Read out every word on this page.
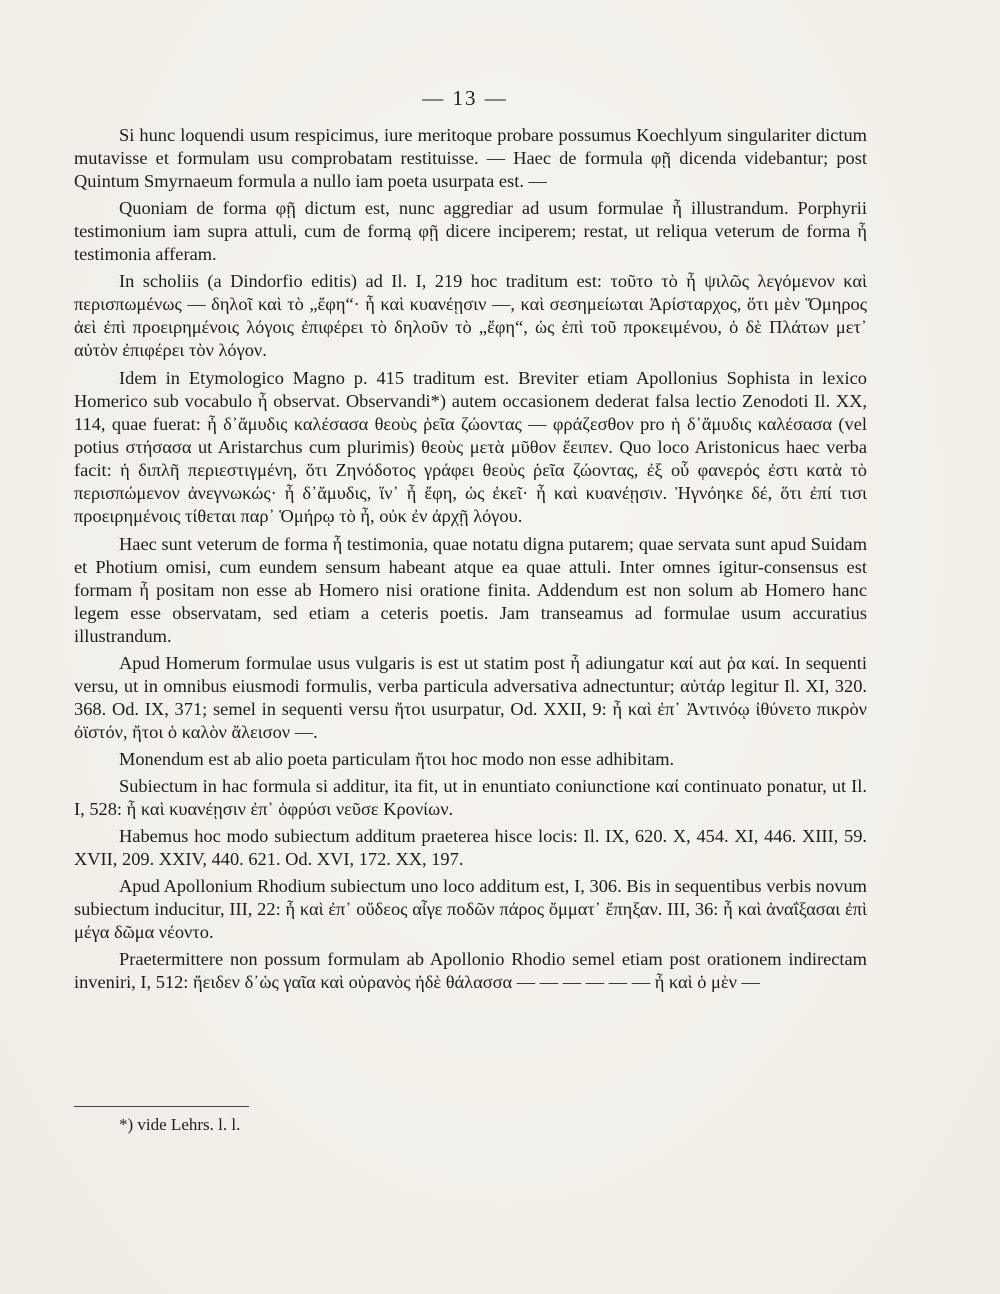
— 13 —

Si hunc loquendi usum respicimus, iure meritoque probare possumus Koechlyum singulariter dictum mutavisse et formulam usu comprobatam restituisse. — Haec de formula φῇ dicenda videbantur; post Quintum Smyrnaeum formula a nullo iam poeta usurpata est. —

Quoniam de forma φῇ dictum est, nunc aggrediar ad usum formulae ἦ illustrandum. Porphyrii testimonium iam supra attuli, cum de formą φῇ dicere inciperem; restat, ut reliqua veterum de forma ἦ testimonia afferam.

In scholiis (a Dindorfio editis) ad Il. I, 219 hoc traditum est: τοῦτο τὸ ἦ ψιλῶς λεγόμενον καὶ περισπωμένως — δηλοῖ καὶ τὸ „ἔφη“· ἦ καὶ κυανέῃσιν —, καὶ σεσημείωται Ἀρίσταρχος, ὅτι μὲν Ὅμηρος ἀεὶ ἐπὶ προειρημένοις λόγοις ἐπιφέρει τὸ δηλοῦν τὸ „ἔφη“, ὡς ἐπὶ τοῦ προκειμένου, ὁ δὲ Πλάτων μετ᾽ αὐτὸν ἐπιφέρει τὸν λόγον.

Idem in Etymologico Magno p. 415 traditum est. Breviter etiam Apollonius Sophista in lexico Homerico sub vocabulo ἦ observat. Observandi*) autem occasionem dederat falsa lectio Zenodoti Il. XX, 114, quae fuerat: ἦ δ᾽ἄμυδις καλέσασα θεοὺς ῥεῖα ζώοντας — φράζεσθον pro ἡ δ᾽ἄμυδις καλέσασα (vel potius στήσασα ut Aristarchus cum plurimis) θεοὺς μετὰ μῦθον ἔειπεν. Quo loco Aristonicus haec verba facit: ἡ διπλῆ περιεστιγμένη, ὅτι Ζηνόδοτος γράφει θεοὺς ῥεῖα ζώοντας, ἐξ οὗ φανερός ἐστι κατὰ τὸ περισπώμενον ἀνεγνωκώς· ἦ δ᾽ἄμυδις, ἵν᾽ ἦ ἔφη, ὡς ἐκεῖ· ἦ καὶ κυανέῃσιν. Ἠγνόηκε δέ, ὅτι ἐπί τισι προειρημένοις τίθεται παρ᾽ Ὁμήρῳ τὸ ἦ, οὐκ ἐν ἀρχῇ λόγου.

Haec sunt veterum de forma ἦ testimonia, quae notatu digna putarem; quae servata sunt apud Suidam et Photium omisi, cum eundem sensum habeant atque ea quae attuli. Inter omnes igitur-consensus est formam ἦ positam non esse ab Homero nisi oratione finita. Addendum est non solum ab Homero hanc legem esse observatam, sed etiam a ceteris poetis. Jam transeamus ad formulae usum accuratius illustrandum.

Apud Homerum formulae usus vulgaris is est ut statim post ἦ adiungatur καί aut ῥα καί. In sequenti versu, ut in omnibus eiusmodi formulis, verba particula adversativa adnectuntur; αὐτάρ legitur Il. XI, 320. 368. Od. IX, 371; semel in sequenti versu ἤτοι usurpatur, Od. XXII, 9: ἦ καὶ ἐπ᾽ Ἀντινόῳ ἰθύνετο πικρὸν ὀϊστόν, ἤτοι ὁ καλὸν ἄλεισον —.

Monendum est ab alio poeta particulam ἤτοι hoc modo non esse adhibitam.

Subiectum in hac formula si additur, ita fit, ut in enuntiato coniunctione καί continuato ponatur, ut Il. I, 528: ἦ καὶ κυανέῃσιν ἐπ᾽ ὀφρύσι νεῦσε Κρονίων.

Habemus hoc modo subiectum additum praeterea hisce locis: Il. IX, 620. X, 454. XI, 446. XIII, 59. XVII, 209. XXIV, 440. 621. Od. XVI, 172. XX, 197.

Apud Apollonium Rhodium subiectum uno loco additum est, I, 306. Bis in sequentibus verbis novum subiectum inducitur, III, 22: ἦ καὶ ἐπ᾽ οὔδεος αἶγε ποδῶν πάρος ὄμματ᾽ ἔπηξαν. III, 36: ἦ καὶ ἀναΐξασαι ἐπὶ μέγα δῶμα νέοντο.

Praetermittere non possum formulam ab Apollonio Rhodio semel etiam post orationem indirectam inveniri, I, 512: ἤειδεν δ᾽ὡς γαῖα καὶ οὐρανὸς ἠδὲ θάλασσα — — — — — — ἦ καὶ ὁ μὲν —

*) vide Lehrs. l. l.
